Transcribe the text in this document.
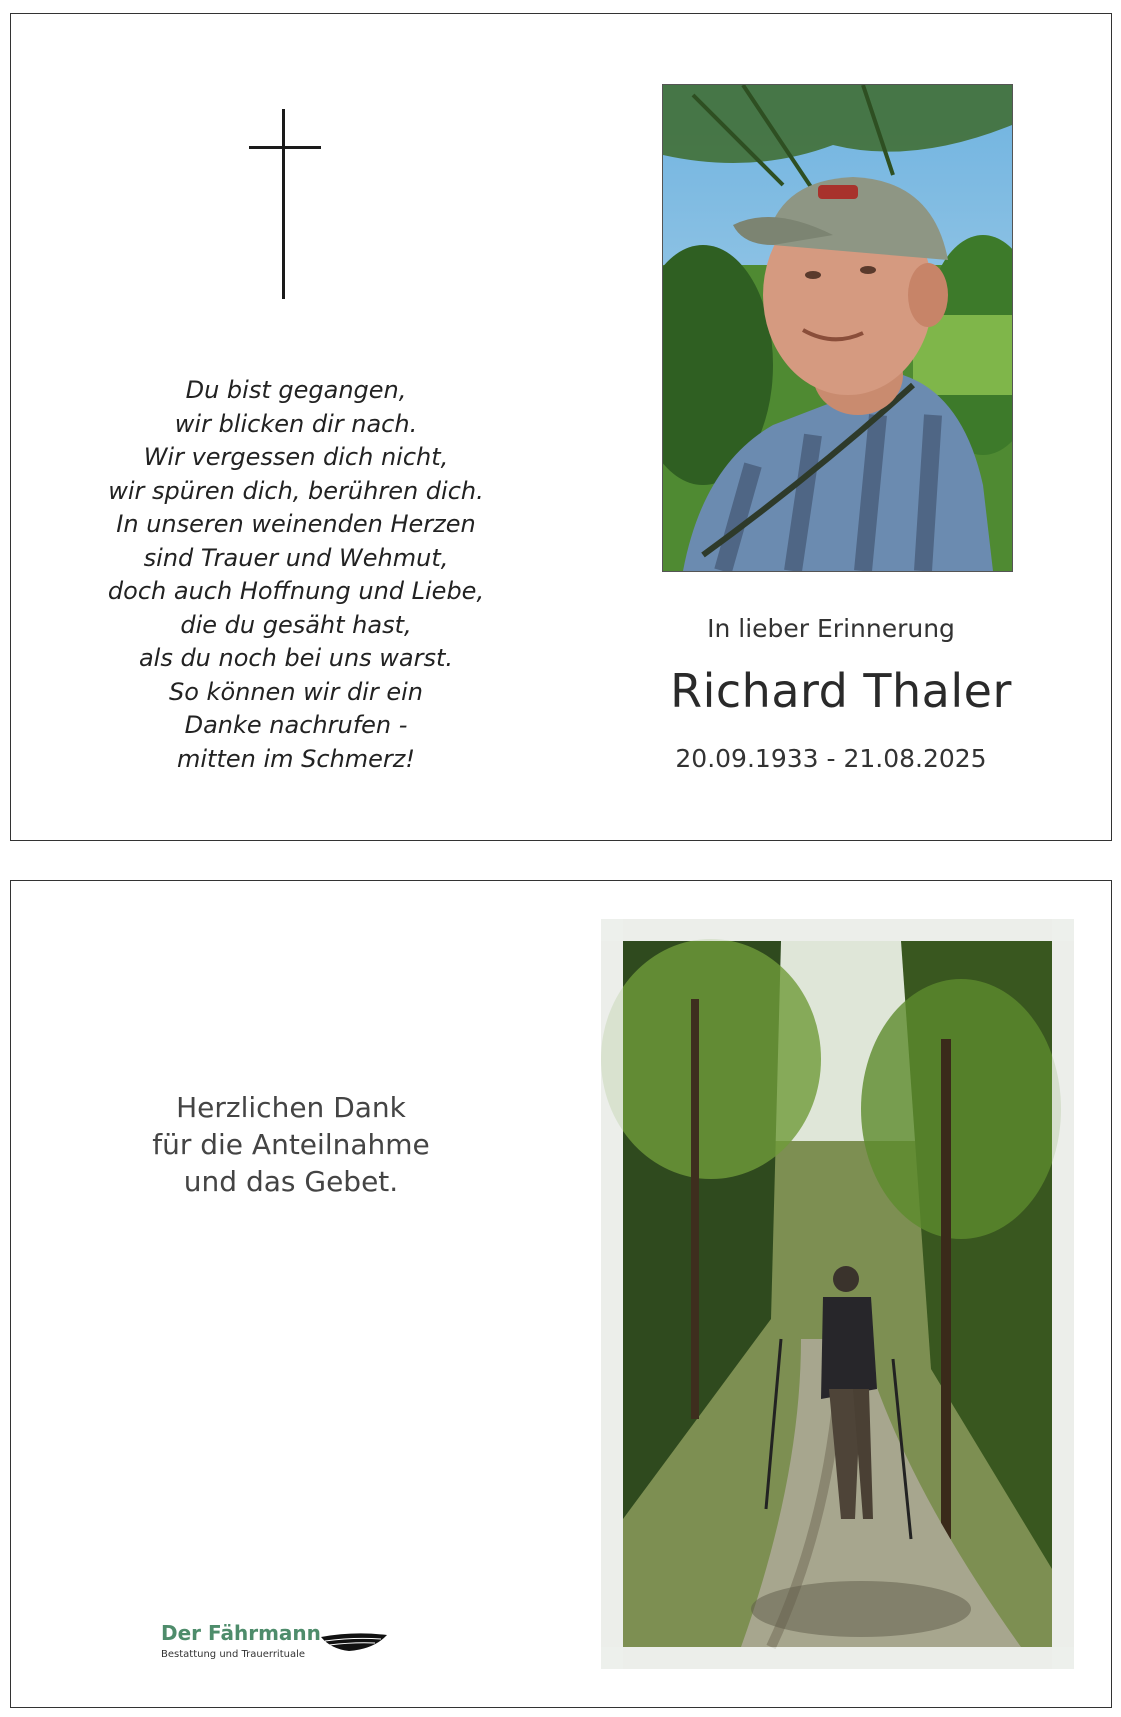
Du bist gegangen,
wir blicken dir nach.
Wir vergessen dich nicht,
wir spüren dich, berühren dich.
In unseren weinenden Herzen
sind Trauer und Wehmut,
doch auch Hoffnung und Liebe,
die du gesäht hast,
als du noch bei uns warst.
So können wir dir ein
Danke nachrufen -
mitten im Schmerz!
In lieber Erinnerung
Richard Thaler
20.09.1933 - 21.08.2025
Herzlichen Dank
für die Anteilnahme
und das Gebet.
Der Fährmann
Bestattung und Trauerrituale
